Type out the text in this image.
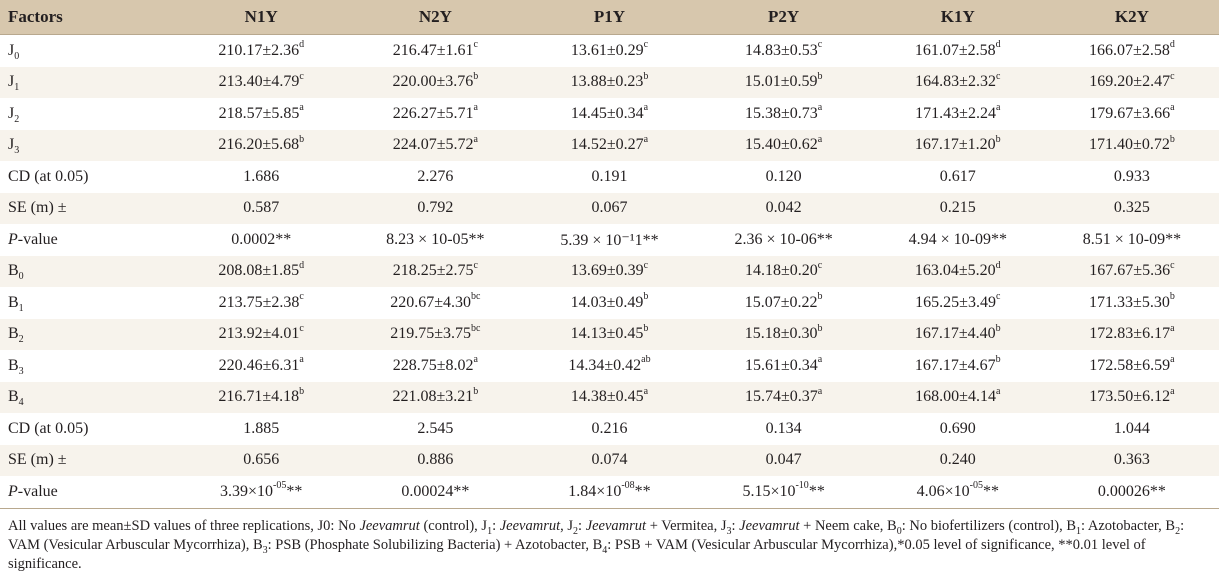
Factors	N1Y	N2Y	P1Y	P2Y	K1Y	K2Y
$J_0$	210.17±2.36$^d$	216.47±1.61$^c$	13.61±0.29$^c$	14.83±0.53$^c$	161.07±2.58$^d$	166.07±2.58$^d$
$J_1$	213.40±4.79$^c$	220.00±3.76$^b$	13.88±0.23$^b$	15.01±0.59$^b$	164.83±2.32$^c$	169.20±2.47$^c$
$J_2$	218.57±5.85$^a$	226.27±5.71$^a$	14.45±0.34$^a$	15.38±0.73$^a$	171.43±2.24$^a$	179.67±3.66$^a$
$J_3$	216.20±5.68$^b$	224.07±5.72$^a$	14.52±0.27$^a$	15.40±0.62$^a$	167.17±1.20$^b$	171.40±0.72$^b$
CD (at 0.05)	1.686	2.276	0.191	0.120	0.617	0.933
SE (m) ±	0.587	0.792	0.067	0.042	0.215	0.325
P-value	0.0002**	8.23 × 10-05**	5.39 × 10⁻¹1**	2.36 × 10-06**	4.94 × 10-09**	8.51 × 10-09**
$B_0$	208.08±1.85$^d$	218.25±2.75$^c$	13.69±0.39$^c$	14.18±0.20$^c$	163.04±5.20$^d$	167.67±5.36$^c$
$B_1$	213.75±2.38$^c$	220.67±4.30$^{bc}$	14.03±0.49$^b$	15.07±0.22$^b$	165.25±3.49$^c$	171.33±5.30$^b$
$B_2$	213.92±4.01$^c$	219.75±3.75$^{bc}$	14.13±0.45$^b$	15.18±0.30$^b$	167.17±4.40$^b$	172.83±6.17$^a$
$B_3$	220.46±6.31$^a$	228.75±8.02$^a$	14.34±0.42$^{ab}$	15.61±0.34$^a$	167.17±4.67$^b$	172.58±6.59$^a$
$B_4$	216.71±4.18$^b$	221.08±3.21$^b$	14.38±0.45$^a$	15.74±0.37$^a$	168.00±4.14$^a$	173.50±6.12$^a$
CD (at 0.05)	1.885	2.545	0.216	0.134	0.690	1.044
SE (m) ±	0.656	0.886	0.074	0.047	0.240	0.363
P-value	$3.39\times 10^{-05}**$	0.00024**	$1.84\times 10^{-08}**$	$5.15\times 10^{-10}**$	$4.06\times 10^{-05}**$	0.00026**
All values are mean±SD values of three replications, J0: No Jeevamrut (control), $J_1$: Jeevamrut, $J_2$: Jeevamrut + Vermitea, $J_3$: Jeevamrut + Neem cake, $B_0$: No biofertilizers (control), $B_1$: Azotobacter, $B_2$: VAM (Vesicular Arbuscular Mycorrhiza), $B_3$: PSB (Phosphate Solubilizing Bacteria) + Azotobacter, $B_4$: PSB + VAM (Vesicular Arbuscular Mycorrhiza),*0.05 level of significance, **0.01 level of significance.
